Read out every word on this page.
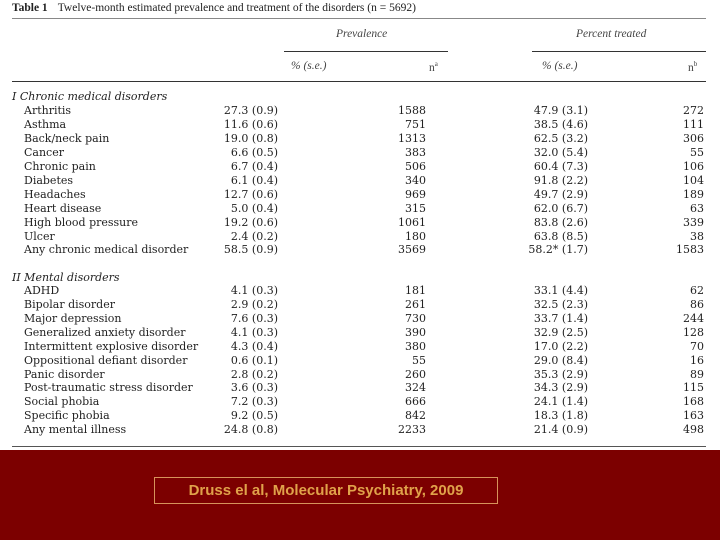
Table 1 Twelve-month estimated prevalence and treatment of the disorders (n = 5692)
Prevalence	Percent treated
% (s.e.)	$n^a$	% (s.e.)	$n^b$
I Chronic medical disorders
Arthritis	27.3 (0.9)	1588	47.9 (3.1)	272
Asthma	11.6 (0.6)	751	38.5 (4.6)	111
Back/neck pain	19.0 (0.8)	1313	62.5 (3.2)	306
Cancer	6.6 (0.5)	383	32.0 (5.4)	55
Chronic pain	6.7 (0.4)	506	60.4 (7.3)	106
Diabetes	6.1 (0.4)	340	91.8 (2.2)	104
Headaches	12.7 (0.6)	969	49.7 (2.9)	189
Heart disease	5.0 (0.4)	315	62.0 (6.7)	63
High blood pressure	19.2 (0.6)	1061	83.8 (2.6)	339
Ulcer	2.4 (0.2)	180	63.8 (8.5)	38
Any chronic medical disorder	58.5 (0.9)	3569	58.2* (1.7)	1583
II Mental disorders
ADHD	4.1 (0.3)	181	33.1 (4.4)	62
Bipolar disorder	2.9 (0.2)	261	32.5 (2.3)	86
Major depression	7.6 (0.3)	730	33.7 (1.4)	244
Generalized anxiety disorder	4.1 (0.3)	390	32.9 (2.5)	128
Intermittent explosive disorder	4.3 (0.4)	380	17.0 (2.2)	70
Oppositional defiant disorder	0.6 (0.1)	55	29.0 (8.4)	16
Panic disorder	2.8 (0.2)	260	35.3 (2.9)	89
Post-traumatic stress disorder	3.6 (0.3)	324	34.3 (2.9)	115
Social phobia	7.2 (0.3)	666	24.1 (1.4)	168
Specific phobia	9.2 (0.5)	842	18.3 (1.8)	163
Any mental illness	24.8 (0.8)	2233	21.4 (0.9)	498
Druss el al, Molecular Psychiatry, 2009
